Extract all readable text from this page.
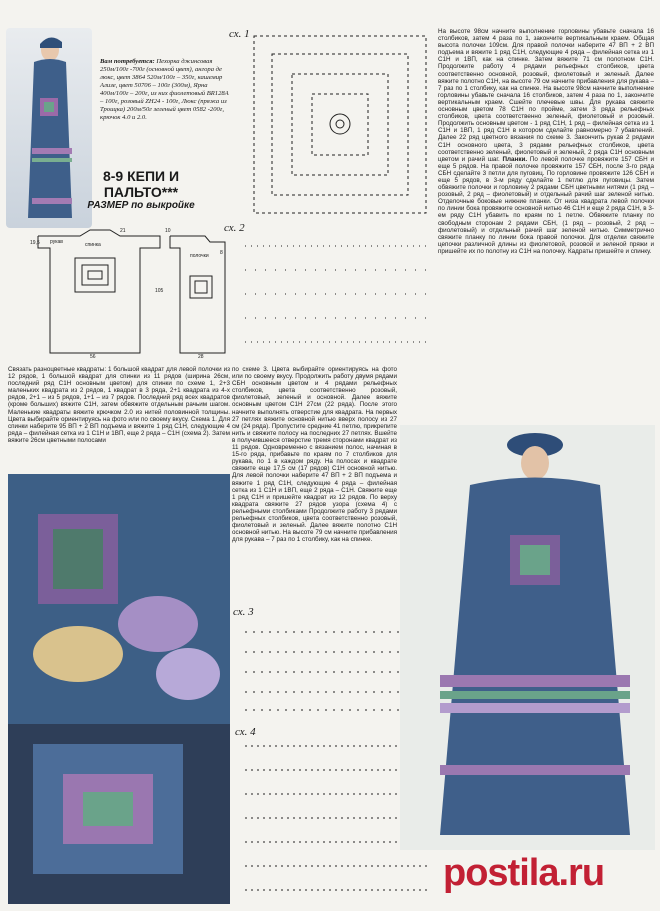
Вам потребуется: Пехорка джинсовая 250м/100г -700г (основной цвет), ангора де люкс, цвет 3864 520м/100г – 350г, кашемир Ализе, цвет 50706 – 100г (300м), Ярна 400м/100г – 200г, из них фиолетовый BR128A – 100г, розовый ZH24 - 100г, Люкс (пряжа из Троицка) 200м/50г зеленый цвет 0582 -200г, крючок 4.0 и 2.0.

8-9 КЕПИ И
ПАЛЬТО***
РАЗМЕР по выкройке
рукав	спинка
полочки
19,5
21	10
105
56	28
8

Связать разноцветные квадраты: 1 большой квадрат для левой полочки из 12 рядов, 1 большой квадрат для спинки из 11 рядов (ширина 26см, последний ряд С1Н основным цветом) для спинки по схеме 1, 2+3 маленьких квадрата из 2 рядов, 1 квадрат в 3 ряда, 2+1 квадрата из 4-х рядов, 2+1 – из 5 рядов, 1+1 – из 7 рядов. Последний ряд всех квадратов (кроме больших) вяжите С1Н, затем обвяжите отдельным рачьим шагом. Маленькие квадраты вяжите крючком 2.0 из нитей половинной толщины. Цвета выбирайте ориентируясь на фото или по своему вкусу. Схема 1. Для спинки наберите 95 ВП + 2 ВП подъема и вяжите 1 ряд С1Н, следующие 4 ряда – филейная сетка из 1 С1Н и 1ВП, еще 2 ряда – С1Н (схема 2). Затем вяжите 26см цветными полосами

по схеме 3. Цвета выбирайте ориентируясь на фото или по своему вкусу. Продолжить работу двумя рядами СБН основным цветом и 4 рядами рельефных столбиков, цвета соответственно розовый, фиолетовый, зеленый и основной. Далее вяжите основным цветом С1Н 27см (22 ряда). После этого начните выполнять отверстие для квадрата. На первых 27 петлях вяжите основной нитью вверх полосу из 27 см (24 ряда). Пропустите средние 41 петлю, прикрепите нить и свяжите полосу на последних 27 петлях. Вшейте в получившееся отверстие тремя сторонами квадрат из 11 рядов. Одновременно с вязанием полос, начиная в 15-го ряда, прибавьте по краям по 7 столбиков для рукава, по 1 в каждом ряду. На полосах и квадрате свяжите еще 17,5 см (17 рядов) С1Н основной нитью. Для левой полочки наберите 47 ВП + 2 ВП подъема и вяжите 1 ряд С1Н, следующие 4 ряда – филейная сетка из 1 С1Н и 1ВП, еще 2 ряда – С1Н. Свяжите еще 1 ряд С1Н и пришейте квадрат из 12 рядов. По верху квадрата свяжите 27 рядов узора (схема 4) с рельефными столбиками Продолжите работу 3 рядами рельефных столбиков, цвета соответственно розовый, фиолетовый и зеленый. Далее вяжите полотно С1Н основной нитью. На высоте 79 см начните прибавления для рукава – 7 раз по 1 столбику, как на спинке.

На высоте 98см начните выполнение горловины убавьте сначала 16 столбиков, затем 4 раза по 1, закончите вертикальным краем. Общая высота полочки 109см. Для правой полочки наберите 47 ВП + 2 ВП подъема и вяжите 1 ряд С1Н, следующие 4 ряда – филейная сетка из 1 С1Н и 1ВП, как на спинке. Затем вяжите 71 см полотном С1Н. Продолжите работу 4 рядами рельефных столбиков, цвета соответственно основной, розовый, фиолетовый и зеленый. Далее вяжите полотно С1Н, на высоте 79 см начните прибавления для рукава – 7 раз по 1 столбику, как на спинке. На высоте 98см начните выполнение горловины убавьте сначала 16 столбиков, затем 4 раза по 1, закончите вертикальным краем. Сшейте плечевые швы. Для рукава свяжите основным цветом 78 С1Н по пройме, затем 3 ряда рельефных столбиков, цвета соответственно зеленый, фиолетовый и розовый. Продолжить основным цветом - 1 ряд С1Н, 1 ряд – филейная сетка из 1 С1Н и 1ВП, 1 ряд С1Н в котором сделайте равномерно 7 убавлений. Далее 22 ряд цветного вязания по схеме 3. Закончить рукав 2 рядами С1Н основного цвета, 3 рядами рельефных столбиков, цвета соответственно зеленый, фиолетовый и зеленый, 2 ряда С1Н основным цветом и рачий шаг. Планки. По левой полочке провяжите 157 СБН и еще 5 рядов. На правой полочке провяжите 157 СБН, после 3-го ряда СБН сделайте 3 петли для пуговиц. По горловине провяжите 126 СБН и еще 5 рядов, в 3-м ряду сделайте 1 петлю для пуговицы. Затем обвяжите полочки и горловину 2 рядами СБН цветными нитями (1 ряд – розовый, 2 ряд – фиолетовый) и отдельный рачий шаг зеленой нитью. Отделочные боковые нижние планки. От низа квадрата левой полочки по линии бока провяжите основной нитью 46 С1Н и еще 2 ряда С1Н, в 3-ем ряду С1Н убавить по краям по 1 петле. Обвяжите планку по свободным сторонам 2 рядами СБН, (1 ряд – розовый, 2 ряд – фиолетовый) и отдельный рачий шаг зеленой нитью. Симметрично свяжите планку по линии бока правой полочки. Для отделки свяжите цепочки различной длины из фиолетовой, розовой и зеленой пряжи и пришейте их по полотну из С1Н на полочку. Кадраты пришейте и спинку.

сх. 1
сх. 2
сх. 3
сх. 4
postila.ru
